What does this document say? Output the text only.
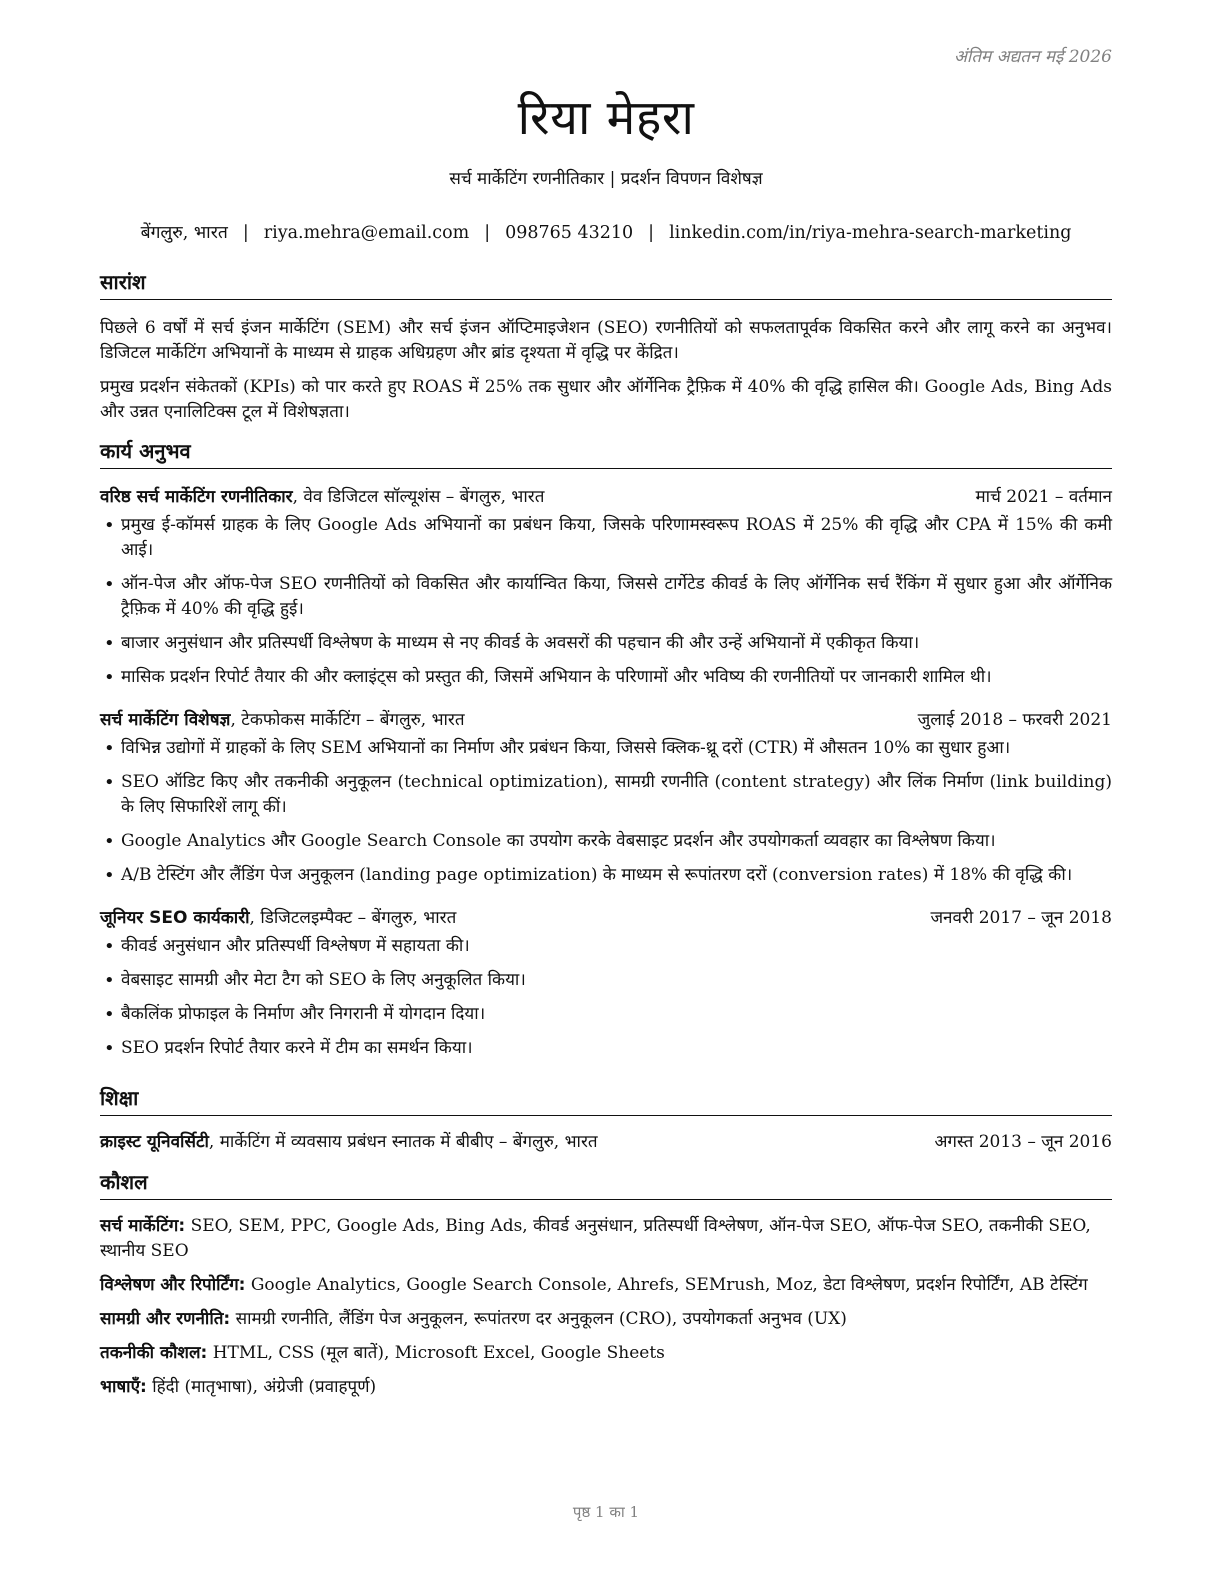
अंतिम अद्यतन मई 2026
रिया मेहरा
सर्च मार्केटिंग रणनीतिकार | प्रदर्शन विपणन विशेषज्ञ
बेंगलुरु, भारत | riya.mehra@email.com | 098765 43210 | linkedin.com/in/riya-mehra-search-marketing
सारांश

पिछले 6 वर्षों में सर्च इंजन मार्केटिंग (SEM) और सर्च इंजन ऑप्टिमाइजेशन (SEO) रणनीतियों को सफलतापूर्वक विकसित करने और लागू करने का अनुभव। डिजिटल मार्केटिंग अभियानों के माध्यम से ग्राहक अधिग्रहण और ब्रांड दृश्यता में वृद्धि पर केंद्रित।

प्रमुख प्रदर्शन संकेतकों (KPIs) को पार करते हुए ROAS में 25% तक सुधार और ऑर्गेनिक ट्रैफ़िक में 40% की वृद्धि हासिल की। Google Ads, Bing Ads और उन्नत एनालिटिक्स टूल में विशेषज्ञता।

कार्य अनुभव
वरिष्ठ सर्च मार्केटिंग रणनीतिकार, वेव डिजिटल सॉल्यूशंस – बेंगलुरु, भारत	मार्च 2021 – वर्तमान
• प्रमुख ई-कॉमर्स ग्राहक के लिए Google Ads अभियानों का प्रबंधन किया, जिसके परिणामस्वरूप ROAS में 25% की वृद्धि और CPA में 15% की कमी आई।
• ऑन-पेज और ऑफ-पेज SEO रणनीतियों को विकसित और कार्यान्वित किया, जिससे टार्गेटेड कीवर्ड के लिए ऑर्गेनिक सर्च रैंकिंग में सुधार हुआ और ऑर्गेनिक ट्रैफ़िक में 40% की वृद्धि हुई।
• बाजार अनुसंधान और प्रतिस्पर्धी विश्लेषण के माध्यम से नए कीवर्ड के अवसरों की पहचान की और उन्हें अभियानों में एकीकृत किया।
• मासिक प्रदर्शन रिपोर्ट तैयार की और क्लाइंट्स को प्रस्तुत की, जिसमें अभियान के परिणामों और भविष्य की रणनीतियों पर जानकारी शामिल थी।
सर्च मार्केटिंग विशेषज्ञ, टेकफोकस मार्केटिंग – बेंगलुरु, भारत	जुलाई 2018 – फरवरी 2021
• विभिन्न उद्योगों में ग्राहकों के लिए SEM अभियानों का निर्माण और प्रबंधन किया, जिससे क्लिक-थ्रू दरों (CTR) में औसतन 10% का सुधार हुआ।
• SEO ऑडिट किए और तकनीकी अनुकूलन (technical optimization), सामग्री रणनीति (content strategy) और लिंक निर्माण (link building) के लिए सिफारिशें लागू कीं।
• Google Analytics और Google Search Console का उपयोग करके वेबसाइट प्रदर्शन और उपयोगकर्ता व्यवहार का विश्लेषण किया।
• A/B टेस्टिंग और लैंडिंग पेज अनुकूलन (landing page optimization) के माध्यम से रूपांतरण दरों (conversion rates) में 18% की वृद्धि की।
जूनियर SEO कार्यकारी, डिजिटलइम्पैक्ट – बेंगलुरु, भारत	जनवरी 2017 – जून 2018
• कीवर्ड अनुसंधान और प्रतिस्पर्धी विश्लेषण में सहायता की।
• वेबसाइट सामग्री और मेटा टैग को SEO के लिए अनुकूलित किया।
• बैकलिंक प्रोफाइल के निर्माण और निगरानी में योगदान दिया।
• SEO प्रदर्शन रिपोर्ट तैयार करने में टीम का समर्थन किया।
शिक्षा
क्राइस्ट यूनिवर्सिटी, मार्केटिंग में व्यवसाय प्रबंधन स्नातक में बीबीए – बेंगलुरु, भारत	अगस्त 2013 – जून 2016
कौशल
सर्च मार्केटिंग: SEO, SEM, PPC, Google Ads, Bing Ads, कीवर्ड अनुसंधान, प्रतिस्पर्धी विश्लेषण, ऑन-पेज SEO, ऑफ-पेज SEO, तकनीकी SEO, स्थानीय SEO
विश्लेषण और रिपोर्टिंग: Google Analytics, Google Search Console, Ahrefs, SEMrush, Moz, डेटा विश्लेषण, प्रदर्शन रिपोर्टिंग, AB टेस्टिंग
सामग्री और रणनीति: सामग्री रणनीति, लैंडिंग पेज अनुकूलन, रूपांतरण दर अनुकूलन (CRO), उपयोगकर्ता अनुभव (UX)
तकनीकी कौशल: HTML, CSS (मूल बातें), Microsoft Excel, Google Sheets
भाषाएँ: हिंदी (मातृभाषा), अंग्रेजी (प्रवाहपूर्ण)
पृष्ठ 1 का 1
